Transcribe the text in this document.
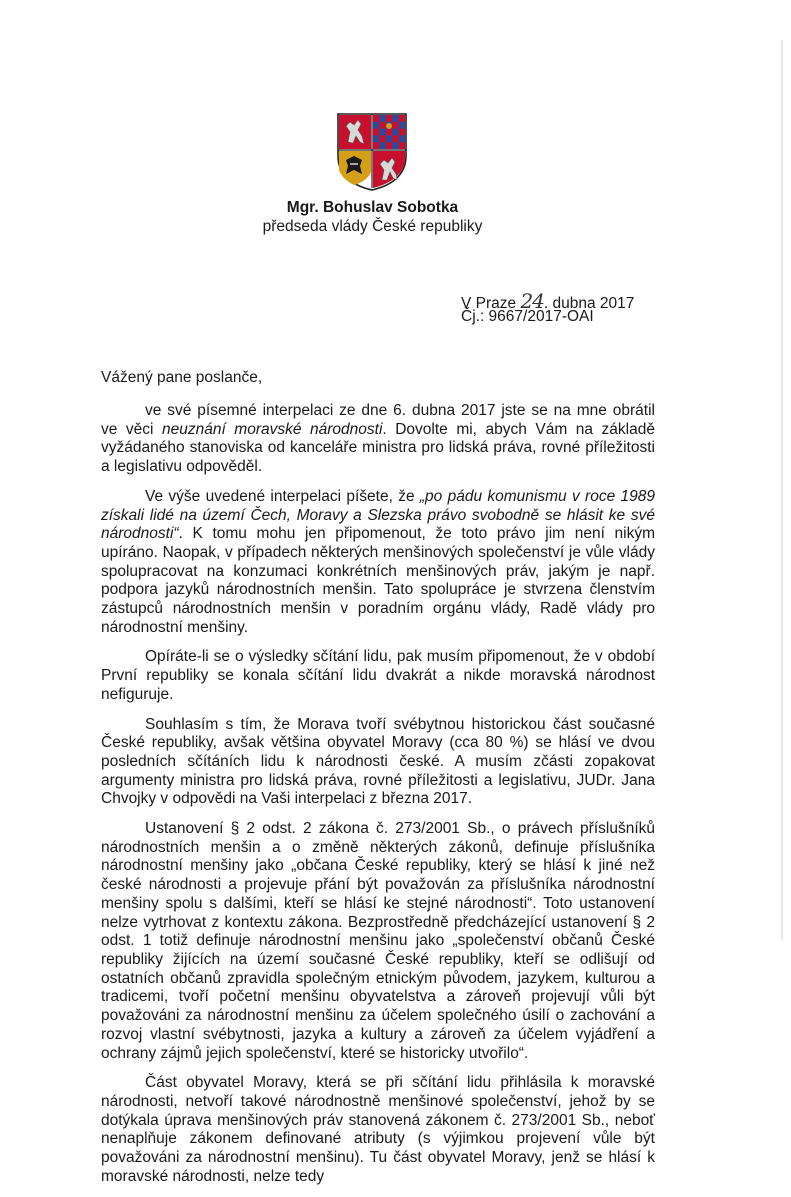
Mgr. Bohuslav Sobotka
předseda vlády České republiky
V Praze 24. dubna 2017
Čj.: 9667/2017-OAI
Vážený pane poslanče,

ve své písemné interpelaci ze dne 6. dubna 2017 jste se na mne obrátil ve věci neuznání moravské národnosti. Dovolte mi, abych Vám na základě vyžádaného stanoviska od kanceláře ministra pro lidská práva, rovné příležitosti a legislativu odpověděl.

Ve výše uvedené interpelaci píšete, že „po pádu komunismu v roce 1989 získali lidé na území Čech, Moravy a Slezska právo svobodně se hlásit ke své národnosti“. K tomu mohu jen připomenout, že toto právo jim není nikým upíráno. Naopak, v případech některých menšinových společenství je vůle vlády spolupracovat na konzumaci konkrétních menšinových práv, jakým je např. podpora jazyků národnostních menšin. Tato spolupráce je stvrzena členstvím zástupců národnostních menšin v poradním orgánu vlády, Radě vlády pro národnostní menšiny.

Opíráte-li se o výsledky sčítání lidu, pak musím připomenout, že v období První republiky se konala sčítání lidu dvakrát a nikde moravská národnost nefiguruje.

Souhlasím s tím, že Morava tvoří svébytnou historickou část současné České republiky, avšak většina obyvatel Moravy (cca 80 %) se hlásí ve dvou posledních sčítáních lidu k národnosti české. A musím zčásti zopakovat argumenty ministra pro lidská práva, rovné příležitosti a legislativu, JUDr. Jana Chvojky v odpovědi na Vaši interpelaci z března 2017.

Ustanovení § 2 odst. 2 zákona č. 273/2001 Sb., o právech příslušníků národnostních menšin a o změně některých zákonů, definuje příslušníka národnostní menšiny jako „občana České republiky, který se hlásí k jiné než české národnosti a projevuje přání být považován za příslušníka národnostní menšiny spolu s dalšími, kteří se hlásí ke stejné národnosti“. Toto ustanovení nelze vytrhovat z kontextu zákona. Bezprostředně předcházející ustanovení § 2 odst. 1 totiž definuje národnostní menšinu jako „společenství občanů České republiky žijících na území současné České republiky, kteří se odlišují od ostatních občanů zpravidla společným etnickým původem, jazykem, kulturou a tradicemi, tvoří početní menšinu obyvatelstva a zároveň projevují vůli být považováni za národnostní menšinu za účelem společného úsilí o zachování a rozvoj vlastní svébytnosti, jazyka a kultury a zároveň za účelem vyjádření a ochrany zájmů jejich společenství, které se historicky utvořilo“.

Část obyvatel Moravy, která se při sčítání lidu přihlásila k moravské národnosti, netvoří takové národnostně menšinové společenství, jehož by se dotýkala úprava menšinových práv stanovená zákonem č. 273/2001 Sb., neboť nenaplňuje zákonem definované atributy (s výjimkou projevení vůle být považováni za národnostní menšinu). Tu část obyvatel Moravy, jenž se hlásí k moravské národnosti, nelze tedy
